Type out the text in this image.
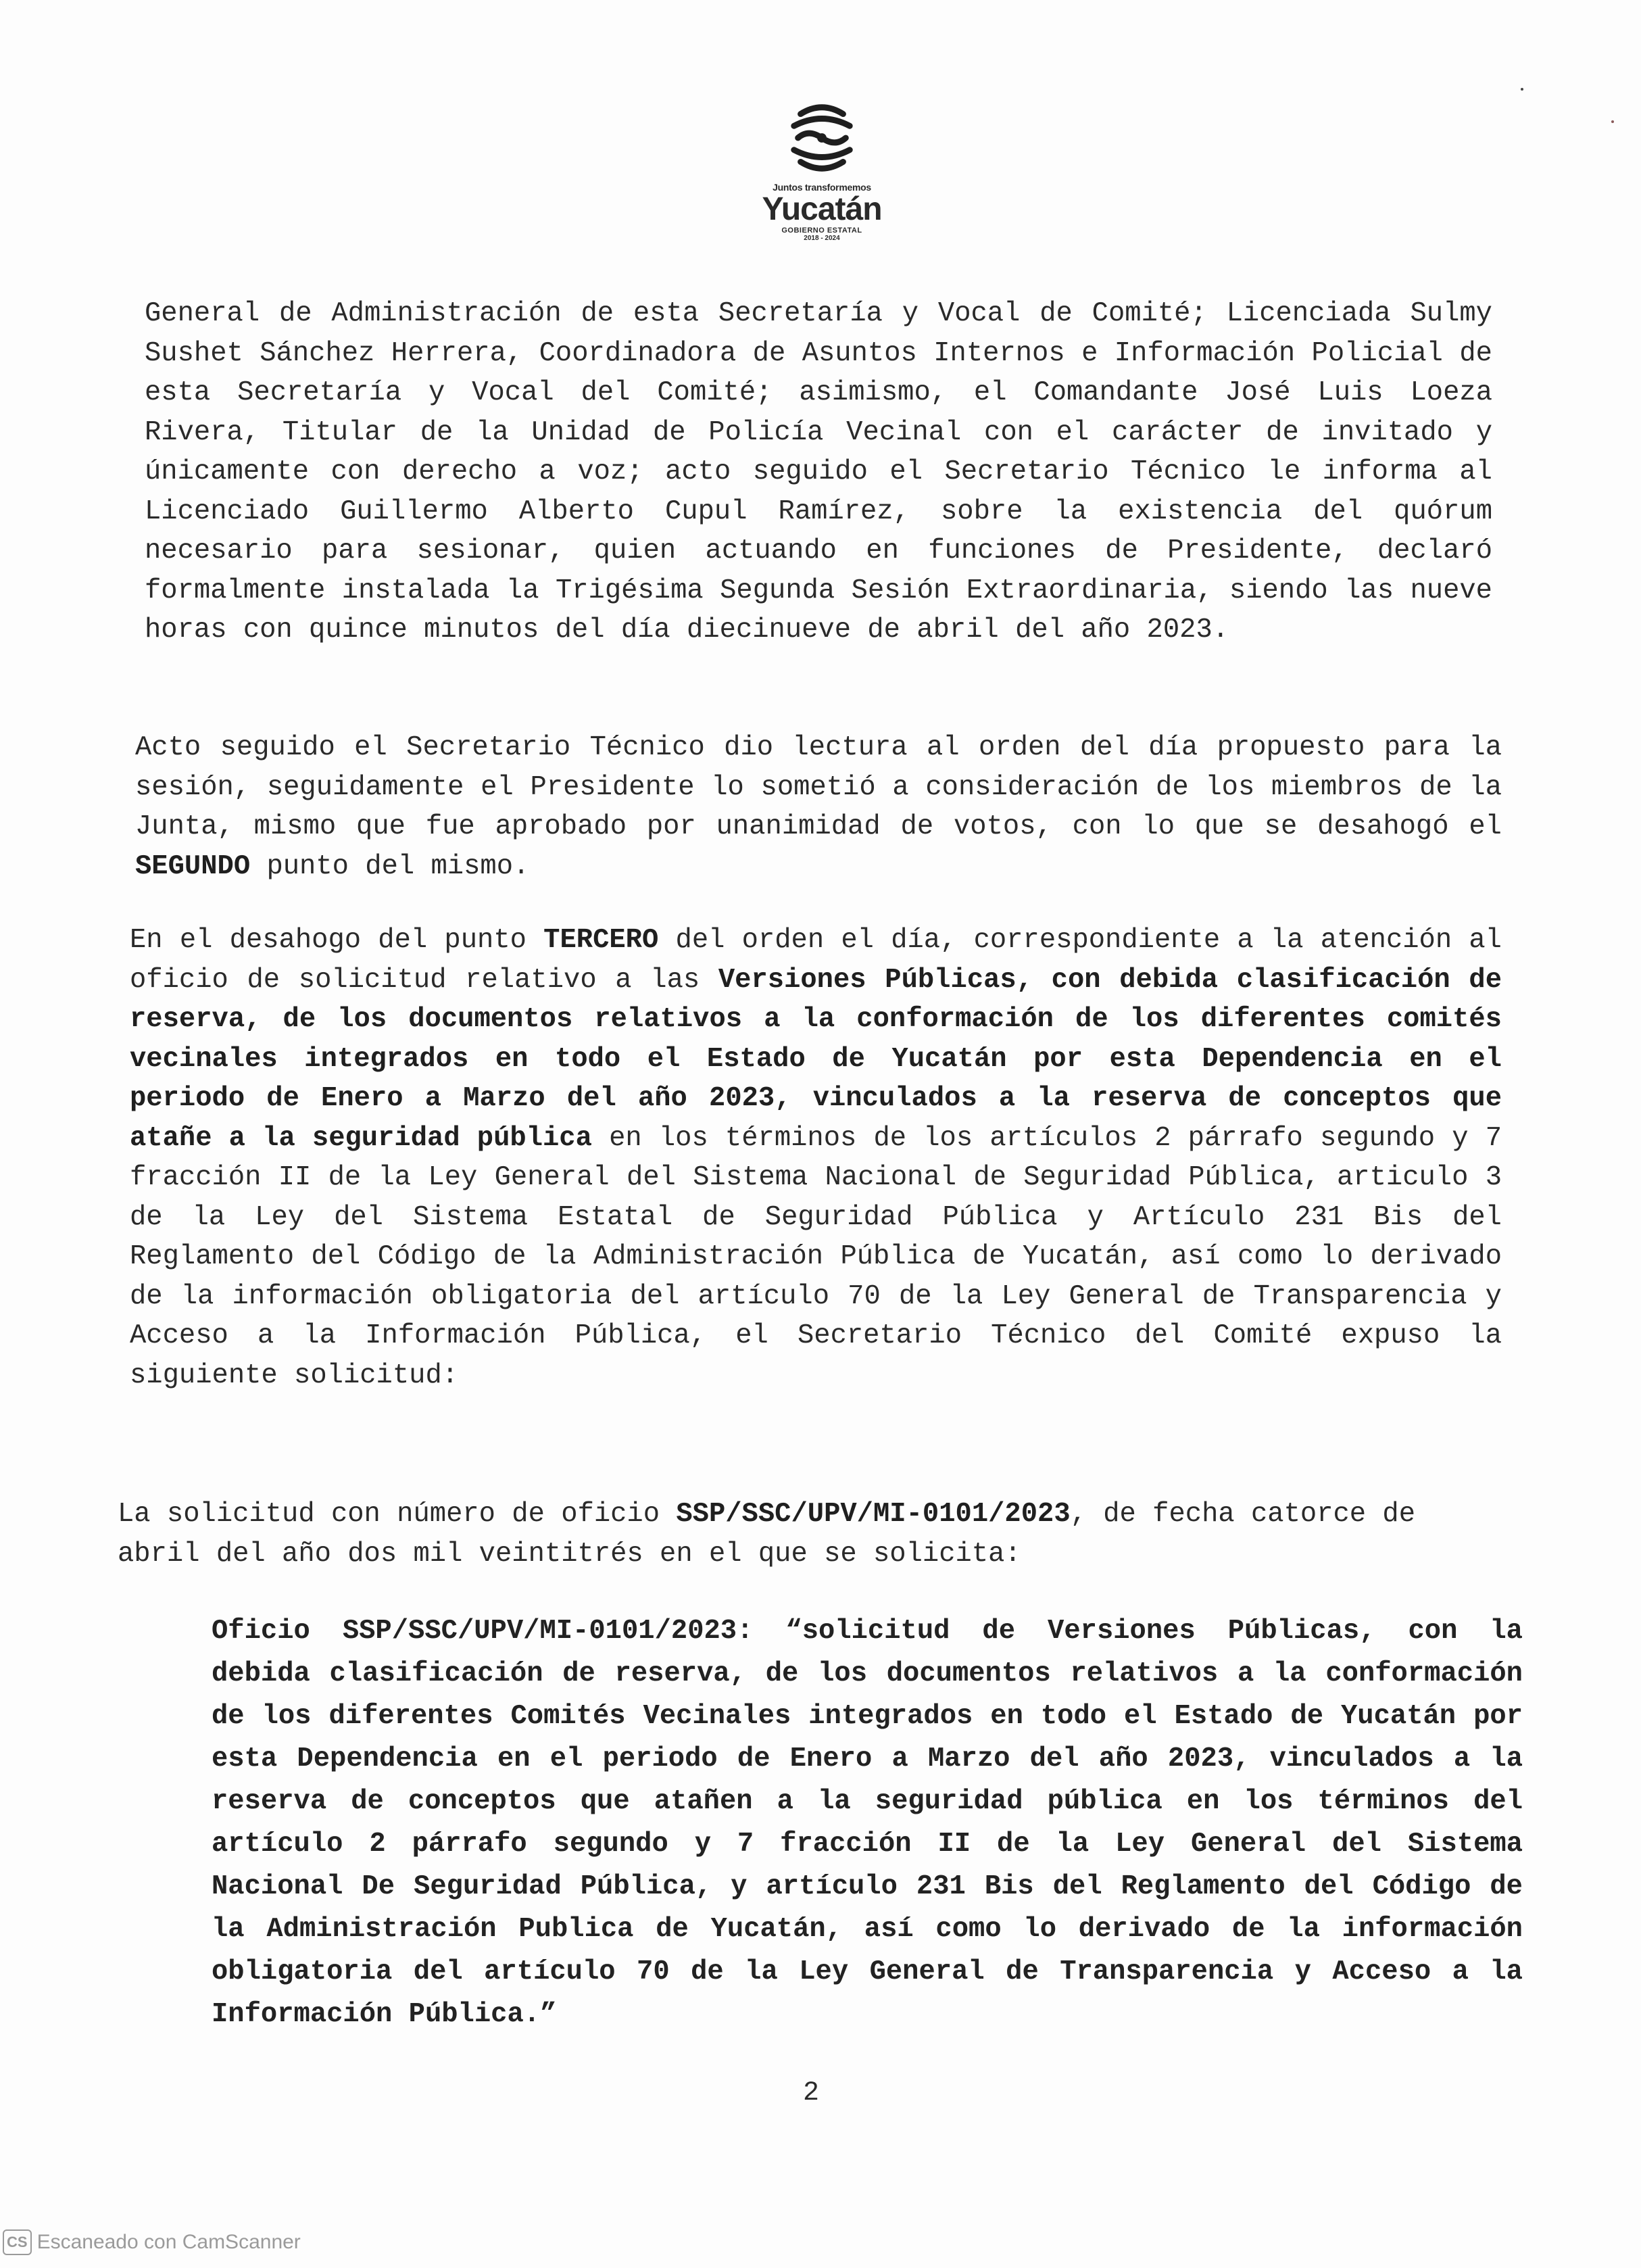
Juntos transformemos
Yucatán
GOBIERNO ESTATAL
2018 - 2024

General de Administración de esta Secretaría y Vocal de Comité; Licenciada Sulmy Sushet Sánchez Herrera, Coordinadora de Asuntos Internos e Información Policial de esta Secretaría y Vocal del Comité; asimismo, el Comandante José Luis Loeza Rivera, Titular de la Unidad de Policía Vecinal con el carácter de invitado y únicamente con derecho a voz; acto seguido el Secretario Técnico le informa al Licenciado Guillermo Alberto Cupul Ramírez, sobre la existencia del quórum necesario para sesionar, quien actuando en funciones de Presidente, declaró formalmente instalada la Trigésima Segunda Sesión Extraordinaria, siendo las nueve horas con quince minutos del día diecinueve de abril del año 2023.

Acto seguido el Secretario Técnico dio lectura al orden del día propuesto para la sesión, seguidamente el Presidente lo sometió a consideración de los miembros de la Junta, mismo que fue aprobado por unanimidad de votos, con lo que se desahogó el SEGUNDO punto del mismo.

En el desahogo del punto TERCERO del orden el día, correspondiente a la atención al oficio de solicitud relativo a las Versiones Públicas, con debida clasificación de reserva, de los documentos relativos a la conformación de los diferentes comités vecinales integrados en todo el Estado de Yucatán por esta Dependencia en el periodo de Enero a Marzo del año 2023, vinculados a la reserva de conceptos que atañe a la seguridad pública en los términos de los artículos 2 párrafo segundo y 7 fracción II de la Ley General del Sistema Nacional de Seguridad Pública, articulo 3 de la Ley del Sistema Estatal de Seguridad Pública y Artículo 231 Bis del Reglamento del Código de la Administración Pública de Yucatán, así como lo derivado de la información obligatoria del artículo 70 de la Ley General de Transparencia y Acceso a la Información Pública, el Secretario Técnico del Comité expuso la siguiente solicitud:

La solicitud con número de oficio SSP/SSC/UPV/MI-0101/2023, de fecha catorce de abril del año dos mil veintitrés en el que se solicita:

Oficio SSP/SSC/UPV/MI-0101/2023: “solicitud de Versiones Públicas, con la debida clasificación de reserva, de los documentos relativos a la conformación de los diferentes Comités Vecinales integrados en todo el Estado de Yucatán por esta Dependencia en el periodo de Enero a Marzo del año 2023, vinculados a la reserva de conceptos que atañen a la seguridad pública en los términos del artículo 2 párrafo segundo y 7 fracción II de la Ley General del Sistema Nacional De Seguridad Pública, y artículo 231 Bis del Reglamento del Código de la Administración Publica de Yucatán, así como lo derivado de la información obligatoria del artículo 70 de la Ley General de Transparencia y Acceso a la Información Pública.”

2
CS Escaneado con CamScanner
